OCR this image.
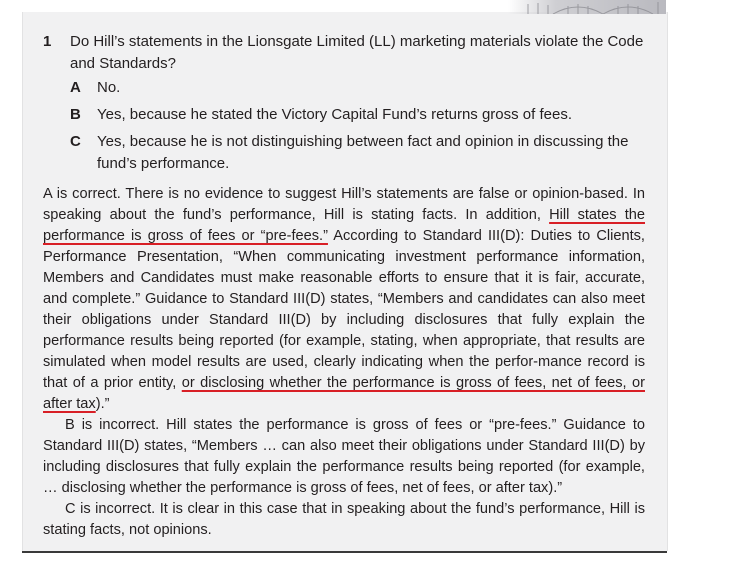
1 Do Hill’s statements in the Lionsgate Limited (LL) marketing materials violate the Code and Standards?
A No.
B Yes, because he stated the Victory Capital Fund’s returns gross of fees.
C Yes, because he is not distinguishing between fact and opinion in discussing the fund’s performance.

A is correct. There is no evidence to suggest Hill’s statements are false or opinion-based. In speaking about the fund’s performance, Hill is stating facts. In addition, Hill states the performance is gross of fees or “pre-fees.” According to Standard III(D): Duties to Clients, Performance Presentation, “When communicating investment performance information, Members and Candidates must make reasonable efforts to ensure that it is fair, accurate, and complete.” Guidance to Standard III(D) states, “Members and candidates can also meet their obligations under Standard III(D) by including disclosures that fully explain the performance results being reported (for example, stating, when appropriate, that results are simulated when model results are used, clearly indicating when the perfor-mance record is that of a prior entity, or disclosing whether the performance is gross of fees, net of fees, or after tax).”

B is incorrect. Hill states the performance is gross of fees or “pre-fees.” Guidance to Standard III(D) states, “Members … can also meet their obligations under Standard III(D) by including disclosures that fully explain the performance results being reported (for example, … disclosing whether the performance is gross of fees, net of fees, or after tax).”

C is incorrect. It is clear in this case that in speaking about the fund’s performance, Hill is stating facts, not opinions.
